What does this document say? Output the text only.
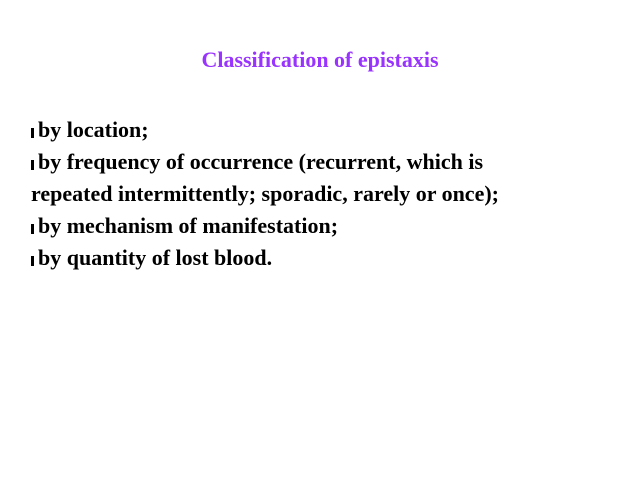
Classification of epistaxis
by location;
by frequency of occurrence (recurrent, which is
repeated intermittently; sporadic, rarely or once);
by mechanism of manifestation;
by quantity of lost blood.
